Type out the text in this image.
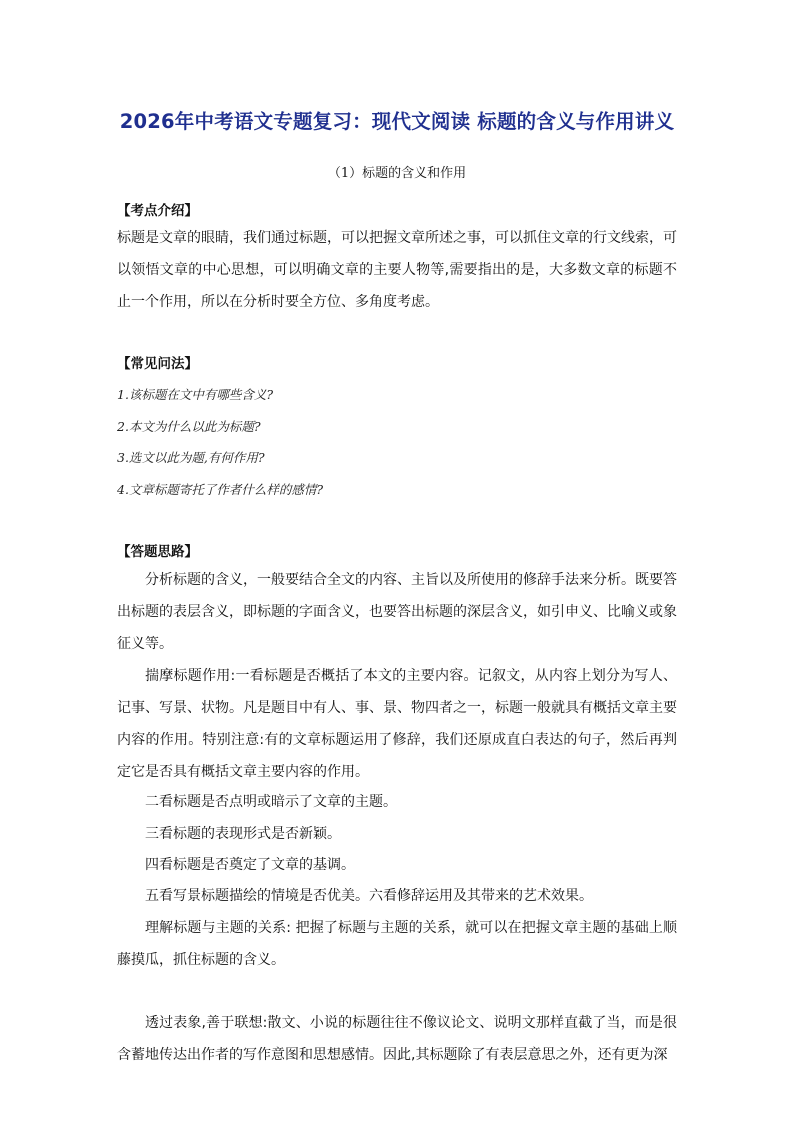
2026年中考语文专题复习：现代文阅读 标题的含义与作用讲义
（1）标题的含义和作用
【考点介绍】
标题是文章的眼睛，我们通过标题，可以把握文章所述之事，可以抓住文章的行文线索，可以领悟文章的中心思想，可以明确文章的主要人物等,需要指出的是，大多数文章的标题不止一个作用，所以在分析时要全方位、多角度考虑。
【常见问法】
1.该标题在文中有哪些含义?
2.本文为什么以此为标题?
3.选文以此为题,有何作用?
4.文章标题寄托了作者什么样的感情?
【答题思路】
分析标题的含义，一般要结合全文的内容、主旨以及所使用的修辞手法来分析。既要答出标题的表层含义，即标题的字面含义，也要答出标题的深层含义，如引申义、比喻义或象征义等。
揣摩标题作用:一看标题是否概括了本文的主要内容。记叙文，从内容上划分为写人、记事、写景、状物。凡是题目中有人、事、景、物四者之一，标题一般就具有概括文章主要内容的作用。特别注意:有的文章标题运用了修辞，我们还原成直白表达的句子，然后再判定它是否具有概括文章主要内容的作用。
二看标题是否点明或暗示了文章的主题。
三看标题的表现形式是否新颖。
四看标题是否奠定了文章的基调。
五看写景标题描绘的情境是否优美。六看修辞运用及其带来的艺术效果。
理解标题与主题的关系: 把握了标题与主题的关系，就可以在把握文章主题的基础上顺藤摸瓜，抓住标题的含义。
透过表象,善于联想:散文、小说的标题往往不像议论文、说明文那样直截了当，而是很含蓄地传达出作者的写作意图和思想感情。因此,其标题除了有表层意思之外，还有更为深
